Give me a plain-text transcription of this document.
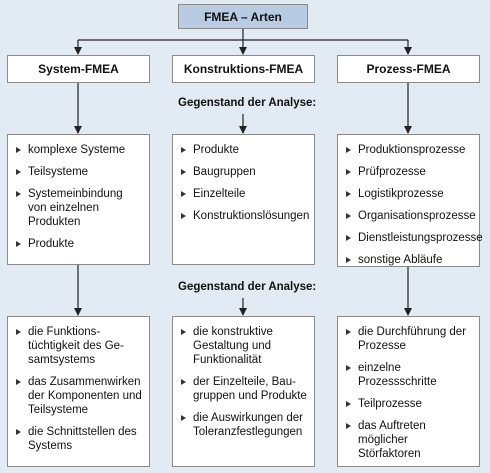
FMEA – Arten
System-FMEA	Konstruktions-FMEA	Prozess-FMEA
Gegenstand der Analyse:
komplexe Systeme
Teilsysteme
Systemeinbindung von einzelnen Produkten
Produkte
Produkte
Baugruppen
Einzelteile
Konstruktionslösungen
Produktionsprozesse
Prüfprozesse
Logistikprozesse
Organisationsprozesse
Dienstleistungsprozesse
sonstige Abläufe
Gegenstand der Analyse:
die Funktions-tüchtigkeit des Ge-samtsystems
das Zusammenwirken der Komponenten und Teilsysteme
die Schnittstellen des Systems
die konstruktive Gestaltung und Funktionalität
der Einzelteile, Bau-gruppen und Produkte
die Auswirkungen der Toleranzfestlegungen
die Durchführung der Prozesse
einzelne Prozessschritte
Teilprozesse
das Auftreten möglicher Störfaktoren
